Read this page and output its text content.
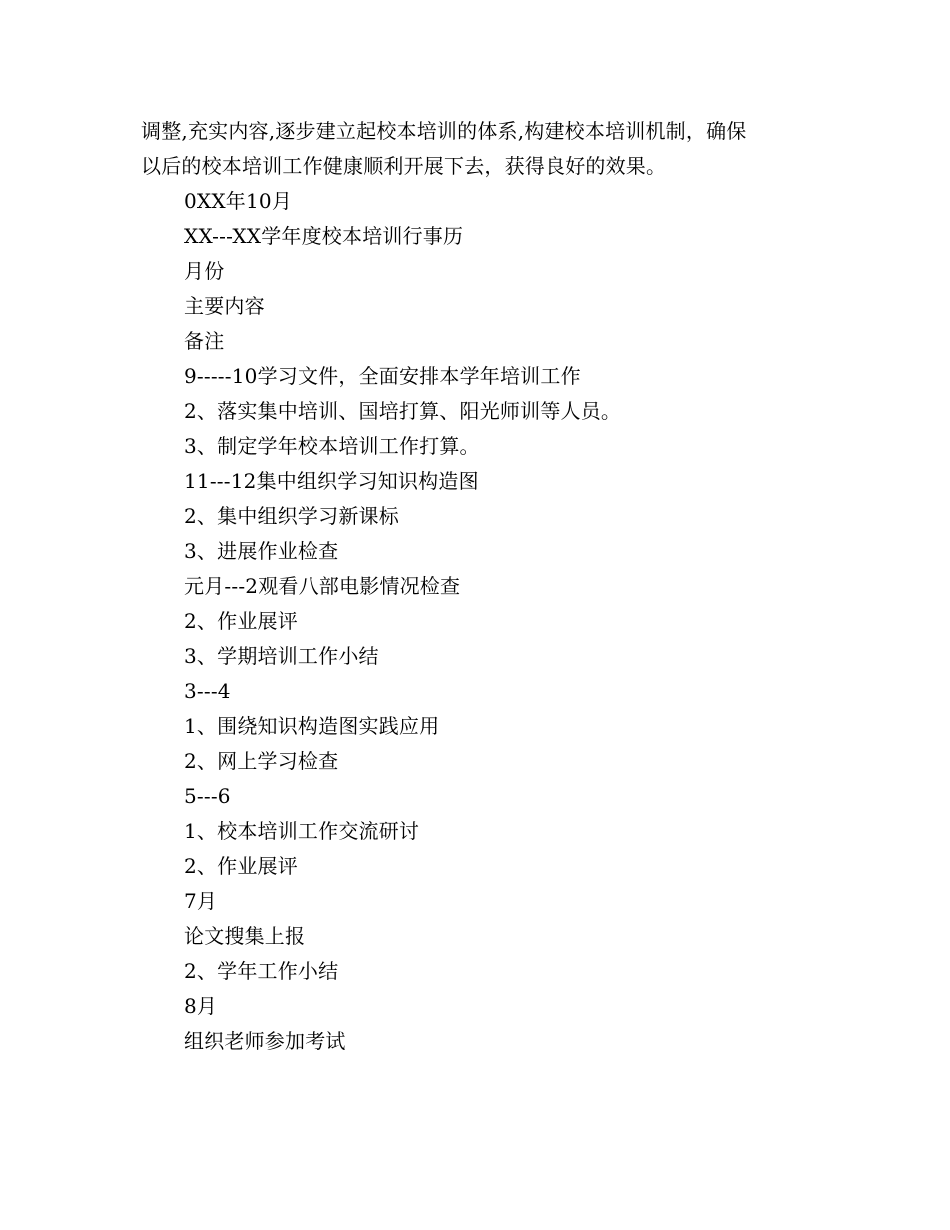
调整,充实内容,逐步建立起校本培训的体系,构建校本培训机制，确保
以后的校本培训工作健康顺利开展下去，获得良好的效果。

0XX年10月
XX---XX学年度校本培训行事历
月份
主要内容
备注
9-----10学习文件，全面安排本学年培训工作
2、落实集中培训、国培打算、阳光师训等人员。
3、制定学年校本培训工作打算。
11---12集中组织学习知识构造图
2、集中组织学习新课标
3、进展作业检查
元月---2观看八部电影情况检查
2、作业展评
3、学期培训工作小结
3---4
1、围绕知识构造图实践应用
2、网上学习检查
5---6
1、校本培训工作交流研讨
2、作业展评
7月
论文搜集上报
2、学年工作小结
8月
组织老师参加考试
